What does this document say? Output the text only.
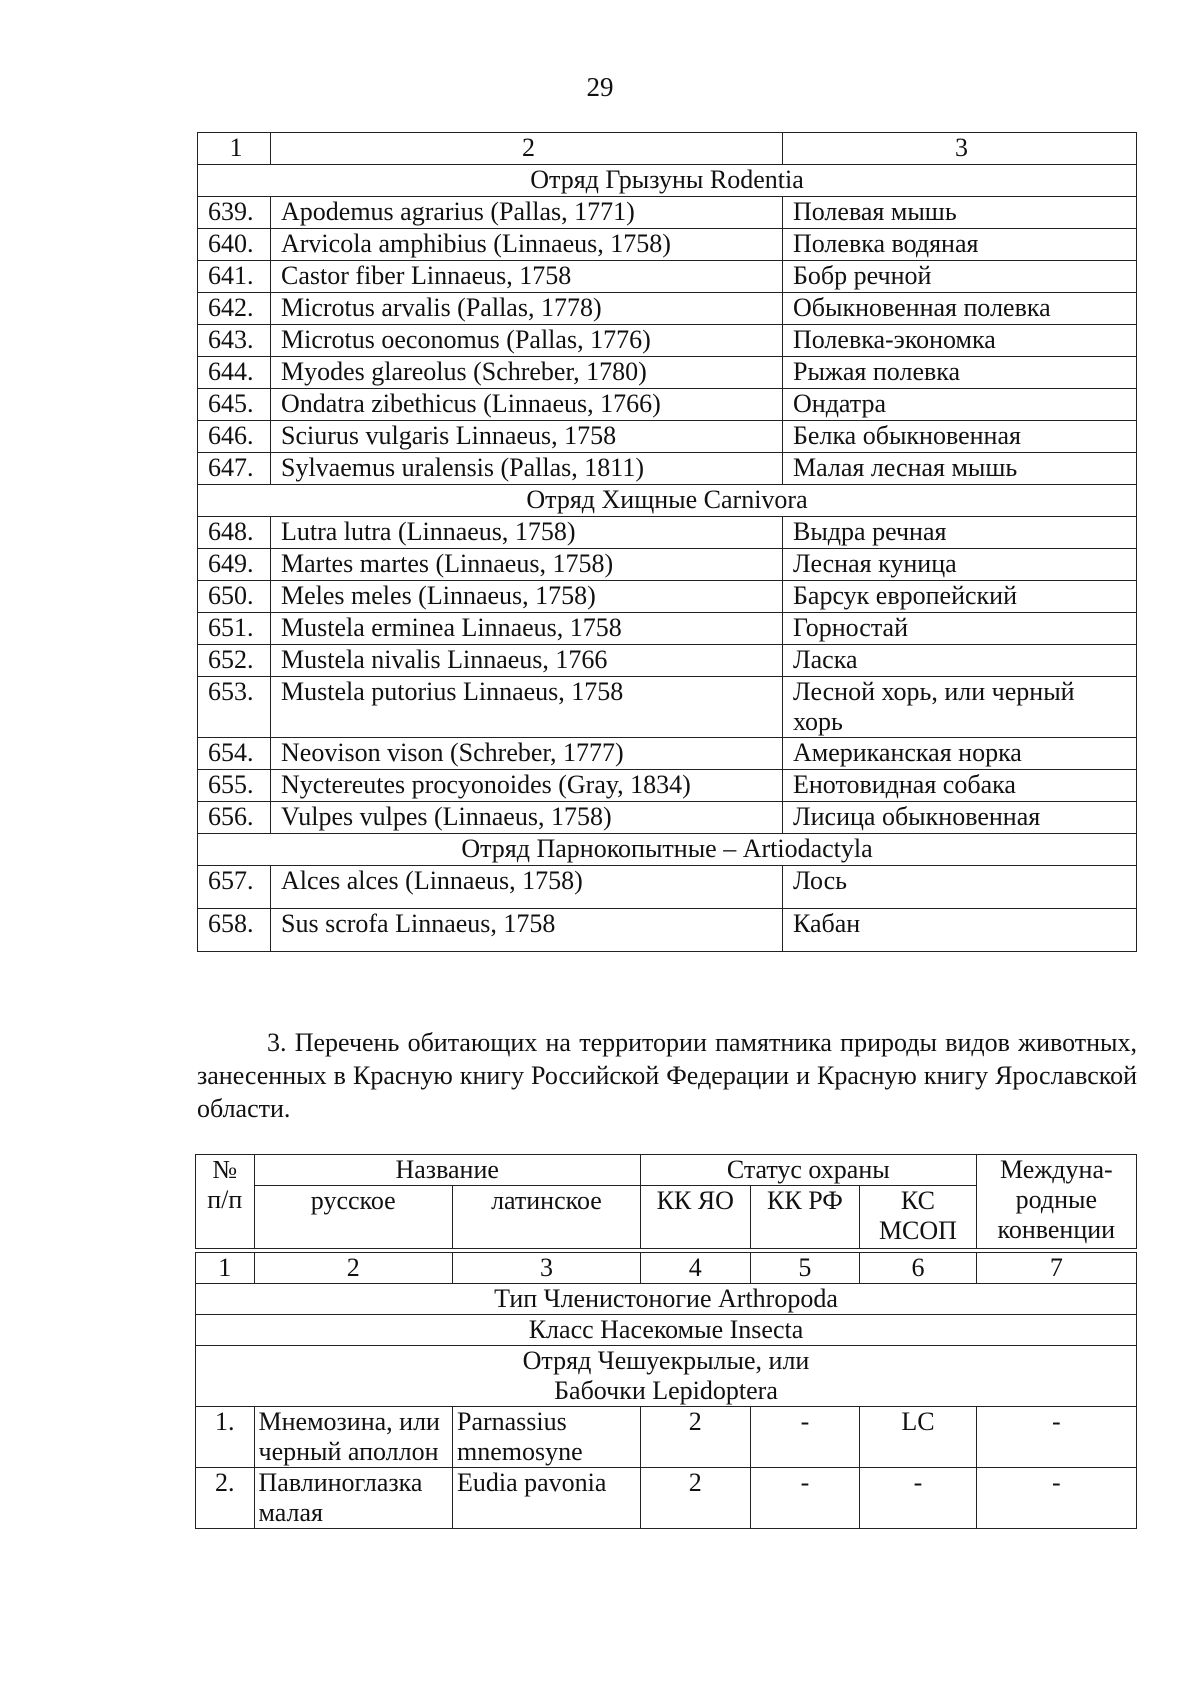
29
1	2	3
Отряд Грызуны Rodentia		
639.	Apodemus agrarius (Pallas, 1771)	Полевая мышь
640.	Arvicola amphibius (Linnaeus, 1758)	Полевка водяная
641.	Castor fiber Linnaeus, 1758	Бобр речной
642.	Microtus arvalis (Pallas, 1778)	Обыкновенная полевка
643.	Microtus oeconomus (Pallas, 1776)	Полевка-экономка
644.	Myodes glareolus (Schreber, 1780)	Рыжая полевка
645.	Ondatra zibethicus (Linnaeus, 1766)	Ондатра
646.	Sciurus vulgaris Linnaeus, 1758	Белка обыкновенная
647.	Sylvaemus uralensis (Pallas, 1811)	Малая лесная мышь
Отряд Хищные Carnivora		
648.	Lutra lutra (Linnaeus, 1758)	Выдра речная
649.	Martes martes (Linnaeus, 1758)	Лесная куница
650.	Meles meles (Linnaeus, 1758)	Барсук европейский
651.	Mustela erminea Linnaeus, 1758	Горностай
652.	Mustela nivalis Linnaeus, 1766	Ласка
653.	Mustela putorius Linnaeus, 1758	Лесной хорь, или черный хорь
654.	Neovison vison (Schreber, 1777)	Американская норка
655.	Nyctereutes procyonoides (Gray, 1834)	Енотовидная собака
656.	Vulpes vulpes (Linnaeus, 1758)	Лисица обыкновенная
Отряд Парнокопытные – Artiodactyla		
657.	Alces alces (Linnaeus, 1758)	Лось
658.	Sus scrofa Linnaeus, 1758	Кабан
3. Перечень обитающих на территории памятника природы видов животных, занесенных в Красную книгу Российской Федерации и Красную книгу Ярославской области.
№ п/п	Название		Статус охраны			Междуна-родные конвенции
	русское	латинское	КК ЯО	КК РФ	КС МСОП	

1	2	3	4	5	6	7
Тип Членистоногие Arthropoda						
Класс Насекомые Insecta						
Отряд Чешуекрылые, или Бабочки Lepidoptera						
1.	Мнемозина, или черный аполлон	Parnassius mnemosyne	2	-	LC	-
2.	Павлиноглазка малая	Eudia pavonia	2	-	-	-
